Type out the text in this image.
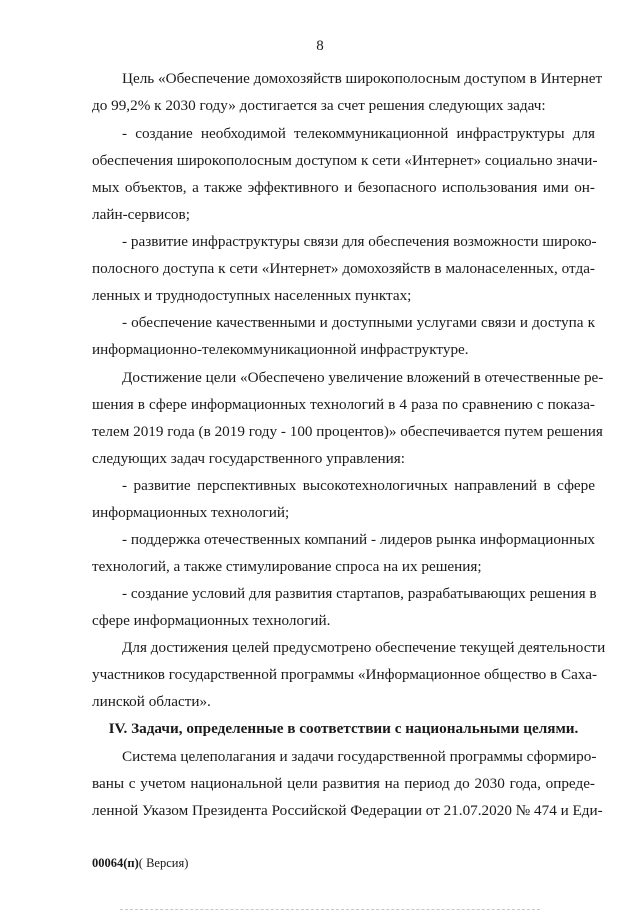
8
Цель «Обеспечение домохозяйств широкополосным доступом в Интернет
до 99,2% к 2030 году» достигается за счет решения следующих задач:
- создание необходимой телекоммуникационной инфраструктуры для
обеспечения широкополосным доступом к сети «Интернет» социально значи-
мых объектов, а также эффективного и безопасного использования ими он-
лайн-сервисов;
- развитие инфраструктуры связи для обеспечения возможности широко-
полосного доступа к сети «Интернет» домохозяйств в малонаселенных, отда-
ленных и труднодоступных населенных пунктах;
- обеспечение качественными и доступными услугами связи и доступа к
информационно-телекоммуникационной инфраструктуре.
Достижение цели «Обеспечено увеличение вложений в отечественные ре-
шения в сфере информационных технологий в 4 раза по сравнению с показа-
телем 2019 года (в 2019 году - 100 процентов)» обеспечивается путем решения
следующих задач государственного управления:
- развитие перспективных высокотехнологичных направлений в сфере
информационных технологий;
- поддержка отечественных компаний - лидеров рынка информационных
технологий, а также стимулирование спроса на их решения;
- создание условий для развития стартапов, разрабатывающих решения в
сфере информационных технологий.
Для достижения целей предусмотрено обеспечение текущей деятельности
участников государственной программы «Информационное общество в Саха-
линской области».
IV. Задачи, определенные в соответствии с национальными целями.
Система целеполагания и задачи государственной программы сформиро-
ваны с учетом национальной цели развития на период до 2030 года, опреде-
ленной Указом Президента Российской Федерации от 21.07.2020 № 474 и Еди-
00064(п)( Версия)
